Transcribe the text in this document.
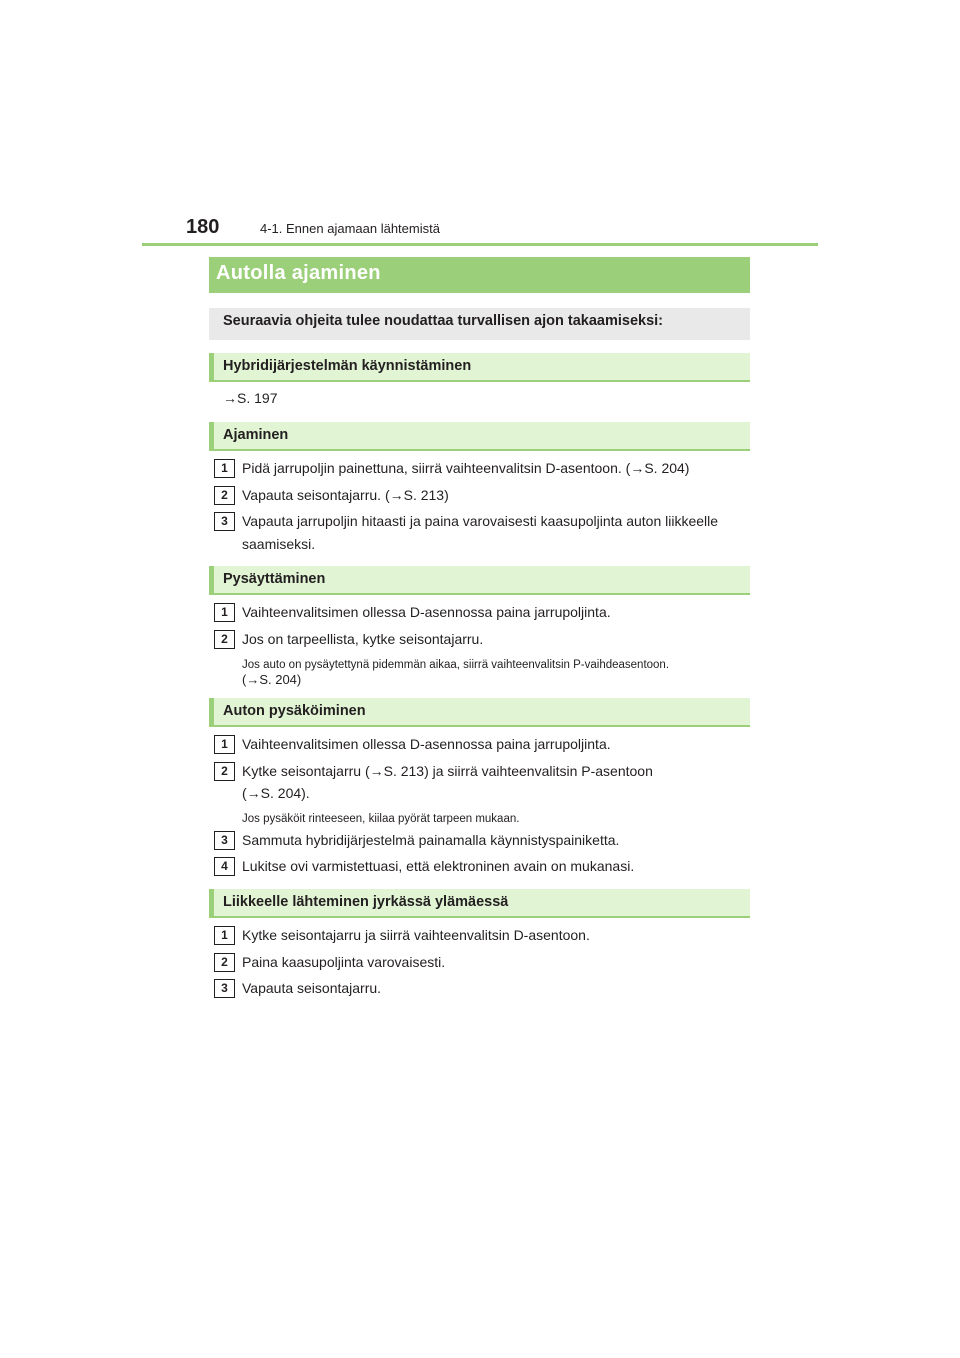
180	4-1. Ennen ajamaan lähtemistä
Autolla ajaminen
Seuraavia ohjeita tulee noudattaa turvallisen ajon takaamiseksi:
Hybridijärjestelmän käynnistäminen
→S. 197
Ajaminen
1	Pidä jarrupoljin painettuna, siirrä vaihteenvalitsin D-asentoon. (→S. 204)
2	Vapauta seisontajarru. (→S. 213)
3	Vapauta jarrupoljin hitaasti ja paina varovaisesti kaasupoljinta auton liikkeelle
saamiseksi.
Pysäyttäminen
1	Vaihteenvalitsimen ollessa D-asennossa paina jarrupoljinta.
2	Jos on tarpeellista, kytke seisontajarru.
Jos auto on pysäytettynä pidemmän aikaa, siirrä vaihteenvalitsin P-vaihdeasentoon.
(→S. 204)
Auton pysäköiminen
1	Vaihteenvalitsimen ollessa D-asennossa paina jarrupoljinta.
2	Kytke seisontajarru (→S. 213) ja siirrä vaihteenvalitsin P-asentoon
(→S. 204).
Jos pysäköit rinteeseen, kiilaa pyörät tarpeen mukaan.
3	Sammuta hybridijärjestelmä painamalla käynnistyspainiketta.
4	Lukitse ovi varmistettuasi, että elektroninen avain on mukanasi.
Liikkeelle lähteminen jyrkässä ylämäessä
1	Kytke seisontajarru ja siirrä vaihteenvalitsin D-asentoon.
2	Paina kaasupoljinta varovaisesti.
3	Vapauta seisontajarru.
